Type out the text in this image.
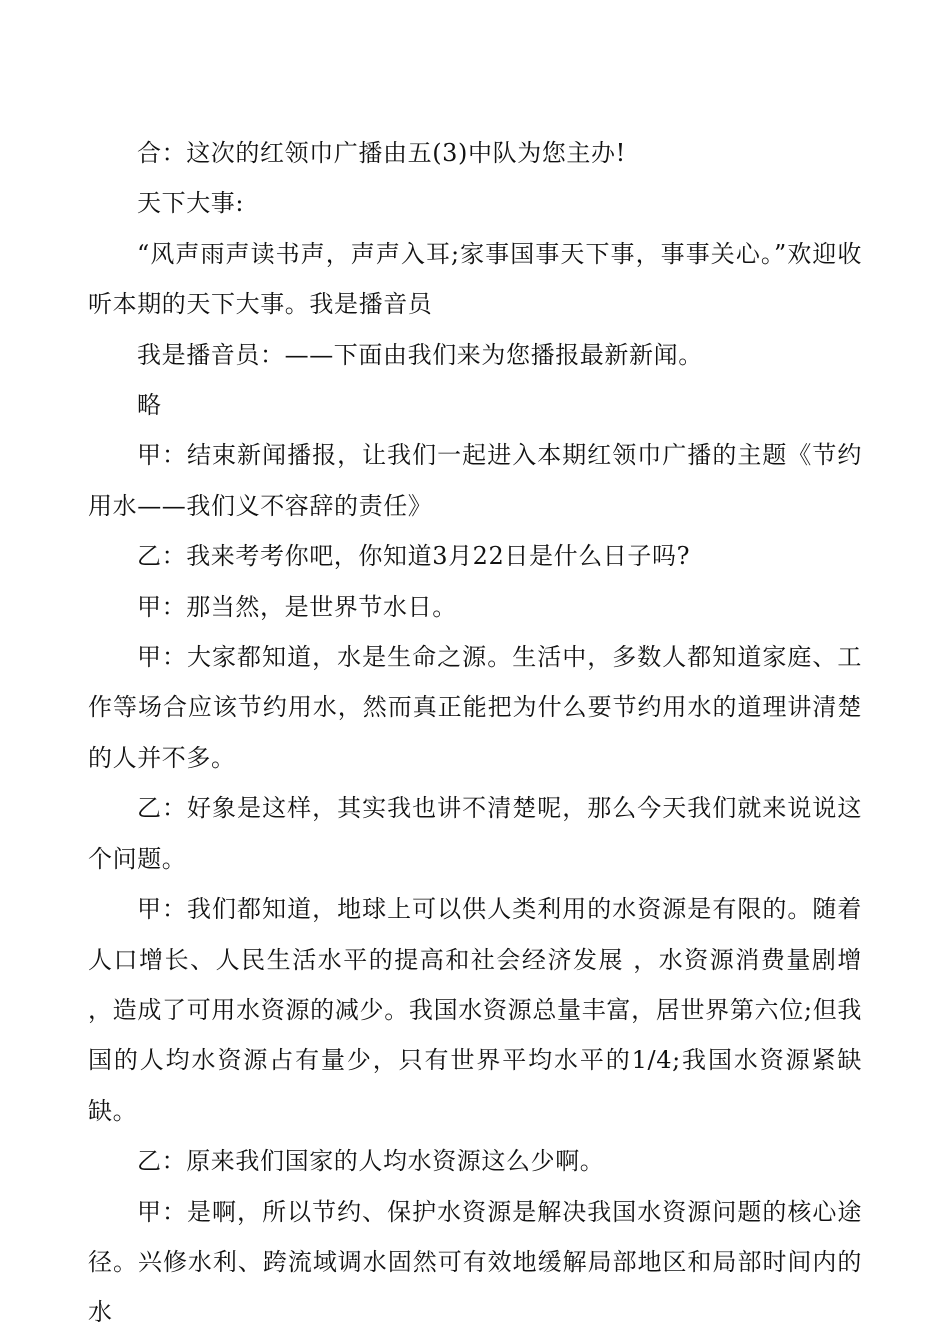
合：这次的红领巾广播由五(3)中队为您主办!

天下大事:

“风声雨声读书声，声声入耳;家事国事天下事，事事关心。”欢迎收听本期的天下大事。我是播音员

我是播音员：——下面由我们来为您播报最新新闻。

略

甲：结束新闻播报，让我们一起进入本期红领巾广播的主题《节约用水——我们义不容辞的责任》

乙：我来考考你吧，你知道3月22日是什么日子吗?

甲：那当然，是世界节水日。

甲：大家都知道，水是生命之源。生活中，多数人都知道家庭、工作等场合应该节约用水，然而真正能把为什么要节约用水的道理讲清楚的人并不多。

乙：好象是这样，其实我也讲不清楚呢，那么今天我们就来说说这个问题。

甲：我们都知道，地球上可以供人类利用的水资源是有限的。随着人口增长、人民生活水平的提高和社会经济发展 ，水资源消费量剧增 ，造成了可用水资源的减少。我国水资源总量丰富，居世界第六位;但我国的人均水资源占有量少，只有世界平均水平的1/4;我国水资源紧缺缺。

乙：原来我们国家的人均水资源这么少啊。

甲：是啊，所以节约、保护水资源是解决我国水资源问题的核心途径。兴修水利、跨流域调水固然可有效地缓解局部地区和局部时间内的水
